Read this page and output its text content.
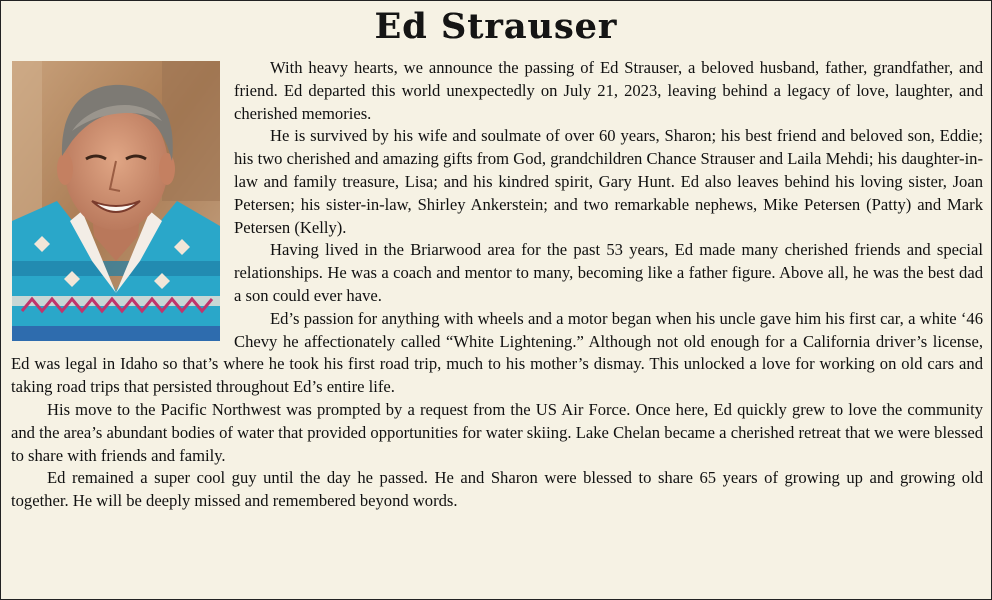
Ed Strauser

With heavy hearts, we announce the passing of Ed Strauser, a beloved husband, father, grandfather, and friend. Ed departed this world unexpectedly on July 21, 2023, leaving behind a legacy of love, laughter, and cherished memories.

He is survived by his wife and soulmate of over 60 years, Sharon; his best friend and beloved son, Eddie; his two cherished and amazing gifts from God, grandchildren Chance Strauser and Laila Mehdi; his daughter-in-law and family treasure, Lisa; and his kindred spirit, Gary Hunt. Ed also leaves behind his loving sister, Joan Petersen; his sister-in-law, Shirley Ankerstein; and two remarkable nephews, Mike Petersen (Patty) and Mark Petersen (Kelly).

Having lived in the Briarwood area for the past 53 years, Ed made many cherished friends and special relationships. He was a coach and mentor to many, becoming like a father figure. Above all, he was the best dad a son could ever have.

Ed’s passion for anything with wheels and a motor began when his uncle gave him his first car, a white ‘46 Chevy he affectionately called “White Lightening.” Although not old enough for a California driver’s license, Ed was legal in Idaho so that’s where he took his first road trip, much to his mother’s dismay. This unlocked a love for working on old cars and taking road trips that persisted throughout Ed’s entire life.

His move to the Pacific Northwest was prompted by a request from the US Air Force. Once here, Ed quickly grew to love the community and the area’s abundant bodies of water that provided opportunities for water skiing. Lake Chelan became a cherished retreat that we were blessed to share with friends and family.

Ed remained a super cool guy until the day he passed. He and Sharon were blessed to share 65 years of growing up and growing old together. He will be deeply missed and remembered beyond words.
